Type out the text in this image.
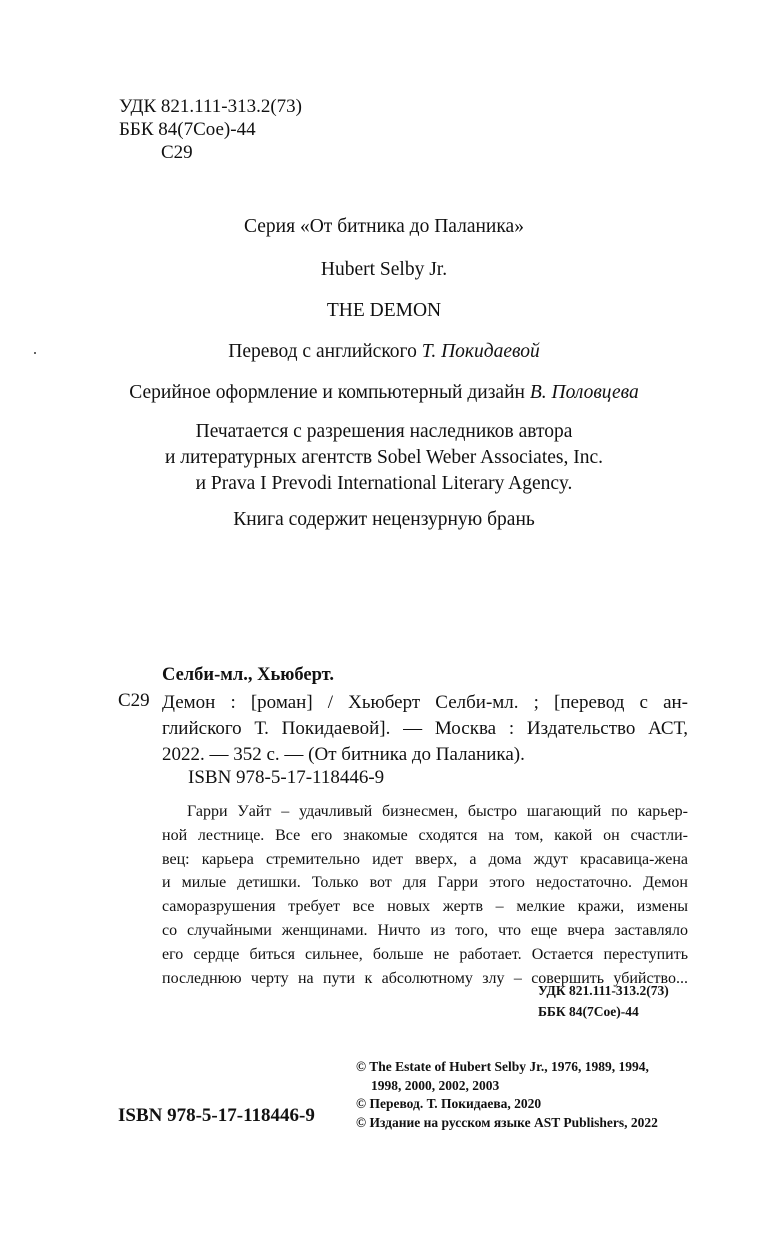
УДК 821.111-313.2(73)
ББК 84(7Сое)-44
С29
Серия «От битника до Паланика»
Hubert Selby Jr.
THE DEMON
Перевод с английского Т. Покидаевой
Серийное оформление и компьютерный дизайн В. Половцева
Печатается с разрешения наследников автора
и литературных агентств Sobel Weber Associates, Inc.
и Prava I Prevodi International Literary Agency.
Книга содержит нецензурную брань
Селби-мл., Хьюберт.
С29 Демон : [роман] / Хьюберт Селби-мл. ; [перевод с ан-
глийского Т. Покидаевой]. — Москва : Издательство АСТ,
2022. — 352 с. — (От битника до Паланика).
ISBN 978-5-17-118446-9
Гарри Уайт – удачливый бизнесмен, быстро шагающий по карьер-
ной лестнице. Все его знакомые сходятся на том, какой он счастли-
вец: карьера стремительно идет вверх, а дома ждут красавица-жена
и милые детишки. Только вот для Гарри этого недостаточно. Демон
саморазрушения требует все новых жертв – мелкие кражи, измены
со случайными женщинами. Ничто из того, что еще вчера заставляло
его сердце биться сильнее, больше не работает. Остается переступить
последнюю черту на пути к абсолютному злу – совершить убийство...
УДК 821.111-313.2(73)
ББК 84(7Сое)-44
© The Estate of Hubert Selby Jr., 1976, 1989, 1994,
1998, 2000, 2002, 2003
© Перевод. Т. Покидаева, 2020
© Издание на русском языке AST Publishers, 2022
ISBN 978-5-17-118446-9
